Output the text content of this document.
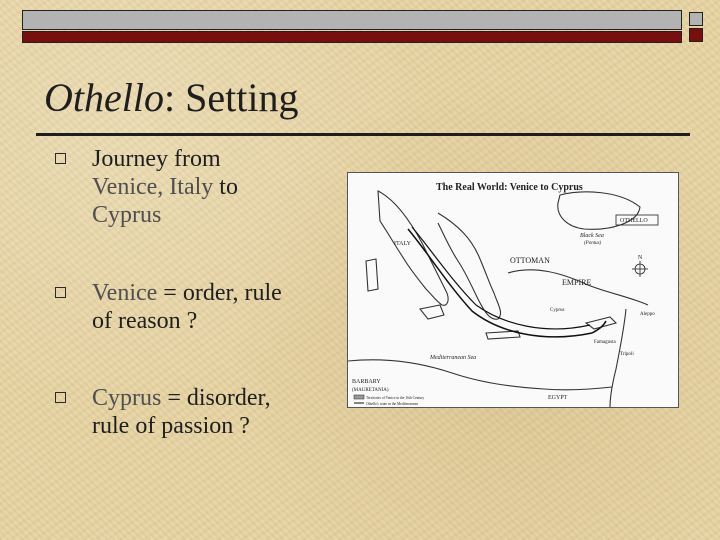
Othello: Setting
Journey from
Venice, Italy to
Cyprus
Venice = order, rule
of reason ?
Cyprus = disorder,
rule of passion ?
The Real World: Venice to Cyprus
OTHELLO
Black Sea
(Pontus)
ITALY
OTTOMAN
EMPIRE
Aleppo
Famagusta
Tripoli
Cyprus
Mediterranean Sea
BARBARY
(MAURETANIA)
EGYPT
N
Territories of Venice in the 16th Century
Othello's route in the Mediterranean
